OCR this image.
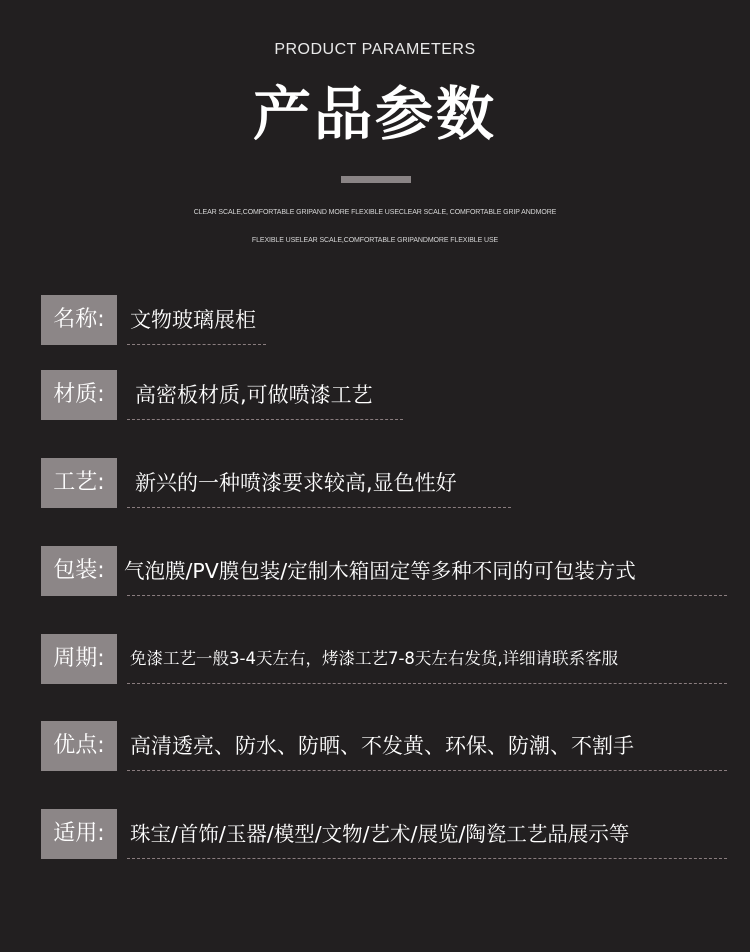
PRODUCT PARAMETERS
产品参数
CLEAR SCALE,COMFORTABLE GRIPAND MORE FLEXIBLE USECLEAR SCALE, COMFORTABLE GRIP ANDMORE
FLEXIBLE USELEAR SCALE,COMFORTABLE GRIPANDMORE FLEXIBLE USE
名称:	文物玻璃展柜
材质:	高密板材质,可做喷漆工艺
工艺:	新兴的一种喷漆要求较高,显色性好
包装: 气泡膜/PV膜包装/定制木箱固定等多种不同的可包装方式
周期:	免漆工艺一般3-4天左右，烤漆工艺7-8天左右发货,详细请联系客服
优点:	高清透亮、防水、防晒、不发黄、环保、防潮、不割手
适用:	珠宝/首饰/玉器/模型/文物/艺术/展览/陶瓷工艺品展示等
